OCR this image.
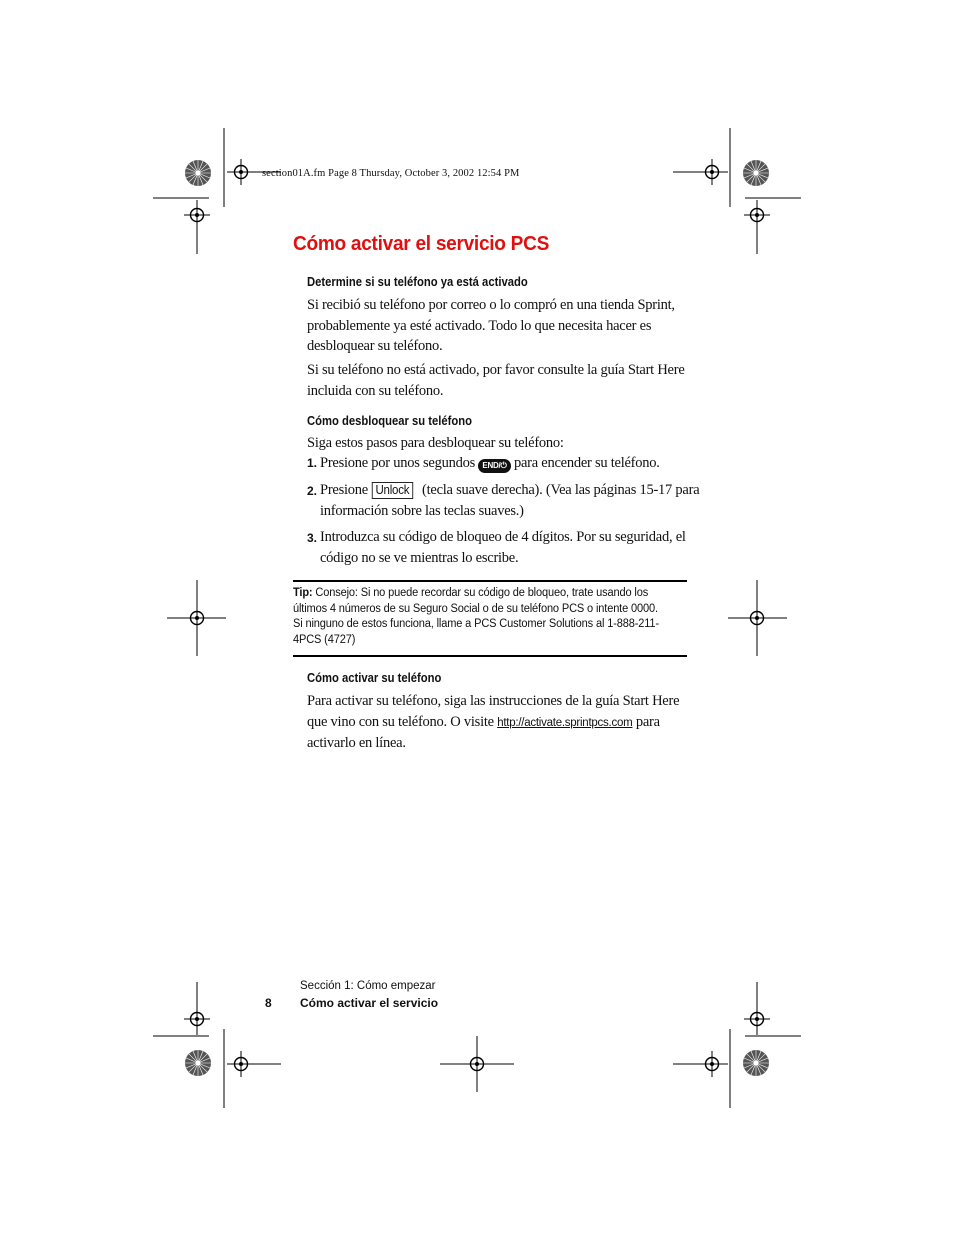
section01A.fm Page 8 Thursday, October 3, 2002 12:54 PM
Cómo activar el servicio PCS
Determine si su teléfono ya está activado

Si recibió su teléfono por correo o lo compró en una tienda Sprint, probablemente ya esté activado. Todo lo que necesita hacer es desbloquear su teléfono.

Si su teléfono no está activado, por favor consulte la guía Start Here incluida con su teléfono.

Cómo desbloquear su teléfono

Siga estos pasos para desbloquear su teléfono:

1. Presione por unos segundos END/⏻ para encender su teléfono.

2. Presione Unlock (tecla suave derecha). (Vea las páginas 15-17 para información sobre las teclas suaves.)

3. Introduzca su código de bloqueo de 4 dígitos. Por su seguridad, el código no se ve mientras lo escribe.

Tip: Consejo: Si no puede recordar su código de bloqueo, trate usando los últimos 4 números de su Seguro Social o de su teléfono PCS o intente 0000. Si ninguno de estos funciona, llame a PCS Customer Solutions al 1-888-211-4PCS (4727)

Cómo activar su teléfono

Para activar su teléfono, siga las instrucciones de la guía Start Here que vino con su teléfono. O visite http://activate.sprintpcs.com para activarlo en línea.

Sección 1: Cómo empezar
8 Cómo activar el servicio
